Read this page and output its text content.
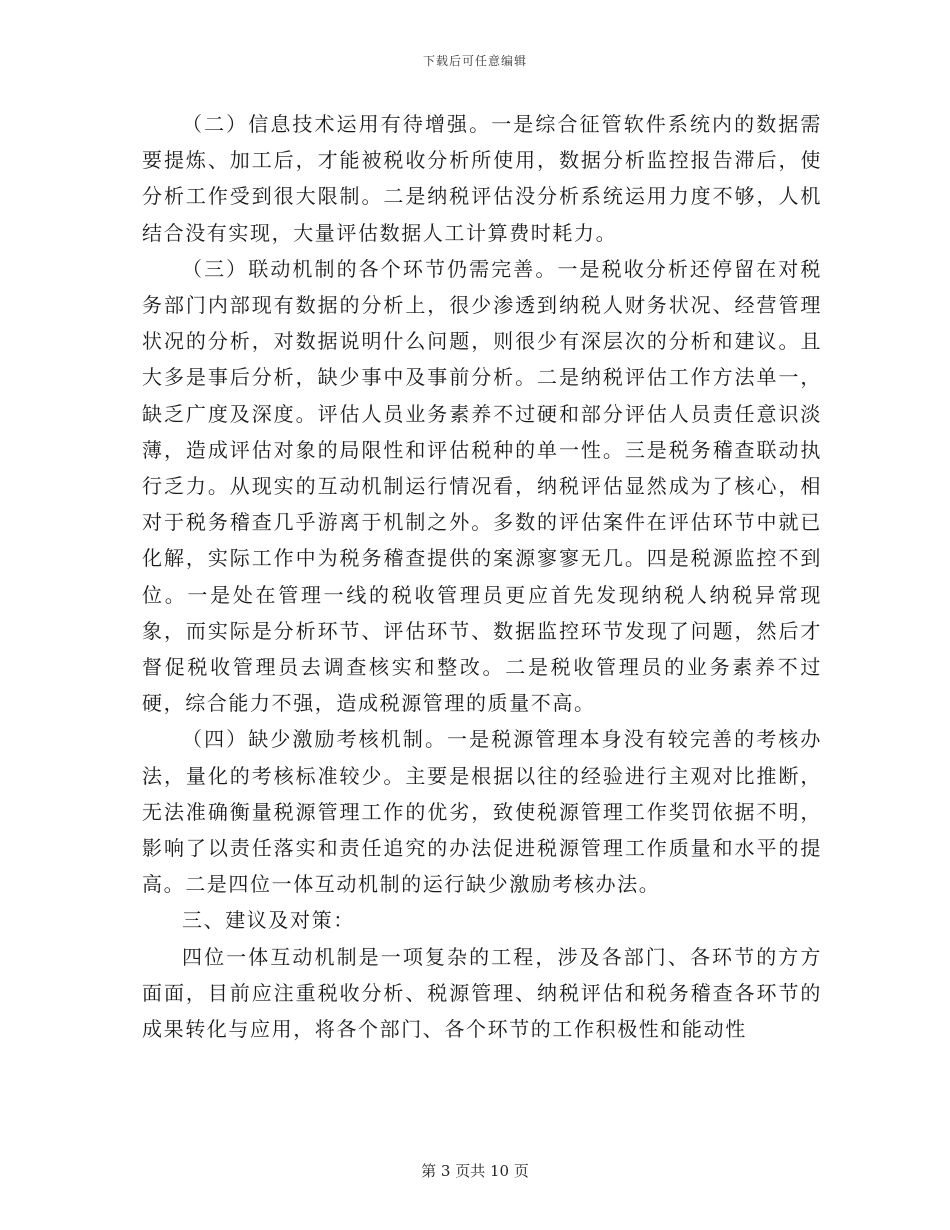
下载后可任意编辑

（二）信息技术运用有待增强。一是综合征管软件系统内的数据需要提炼、加工后，才能被税收分析所使用，数据分析监控报告滞后，使分析工作受到很大限制。二是纳税评估没分析系统运用力度不够，人机结合没有实现，大量评估数据人工计算费时耗力。

（三）联动机制的各个环节仍需完善。一是税收分析还停留在对税务部门内部现有数据的分析上，很少渗透到纳税人财务状况、经营管理状况的分析，对数据说明什么问题，则很少有深层次的分析和建议。且大多是事后分析，缺少事中及事前分析。二是纳税评估工作方法单一，缺乏广度及深度。评估人员业务素养不过硬和部分评估人员责任意识淡薄，造成评估对象的局限性和评估税种的单一性。三是税务稽查联动执行乏力。从现实的互动机制运行情况看，纳税评估显然成为了核心，相对于税务稽查几乎游离于机制之外。多数的评估案件在评估环节中就已化解，实际工作中为税务稽查提供的案源寥寥无几。四是税源监控不到位。一是处在管理一线的税收管理员更应首先发现纳税人纳税异常现象，而实际是分析环节、评估环节、数据监控环节发现了问题，然后才督促税收管理员去调查核实和整改。二是税收管理员的业务素养不过硬，综合能力不强，造成税源管理的质量不高。

（四）缺少激励考核机制。一是税源管理本身没有较完善的考核办法，量化的考核标准较少。主要是根据以往的经验进行主观对比推断，无法准确衡量税源管理工作的优劣，致使税源管理工作奖罚依据不明，影响了以责任落实和责任追究的办法促进税源管理工作质量和水平的提高。二是四位一体互动机制的运行缺少激励考核办法。

三、建议及对策：

四位一体互动机制是一项复杂的工程，涉及各部门、各环节的方方面面，目前应注重税收分析、税源管理、纳税评估和税务稽查各环节的成果转化与应用，将各个部门、各个环节的工作积极性和能动性

第 3 页共 10 页
